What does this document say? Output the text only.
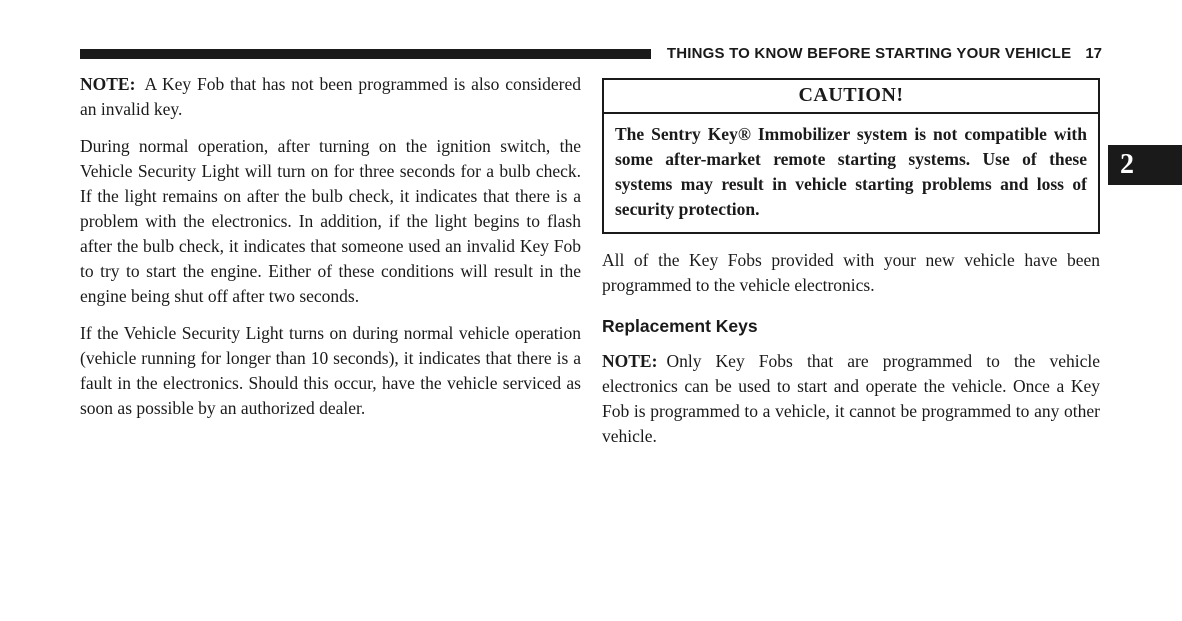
THINGS TO KNOW BEFORE STARTING YOUR VEHICLE 17
2

NOTE: A Key Fob that has not been programmed is also considered an invalid key.

During normal operation, after turning on the ignition switch, the Vehicle Security Light will turn on for three seconds for a bulb check. If the light remains on after the bulb check, it indicates that there is a problem with the electronics. In addition, if the light begins to flash after the bulb check, it indicates that someone used an invalid Key Fob to try to start the engine. Either of these conditions will result in the engine being shut off after two seconds.

If the Vehicle Security Light turns on during normal vehicle operation (vehicle running for longer than 10 seconds), it indicates that there is a fault in the electronics. Should this occur, have the vehicle serviced as soon as possible by an authorized dealer.

CAUTION!
The Sentry Key® Immobilizer system is not compatible with some after-market remote starting systems. Use of these systems may result in vehicle starting problems and loss of security protection.

All of the Key Fobs provided with your new vehicle have been programmed to the vehicle electronics.

Replacement Keys

NOTE: Only Key Fobs that are programmed to the vehicle electronics can be used to start and operate the vehicle. Once a Key Fob is programmed to a vehicle, it cannot be programmed to any other vehicle.
